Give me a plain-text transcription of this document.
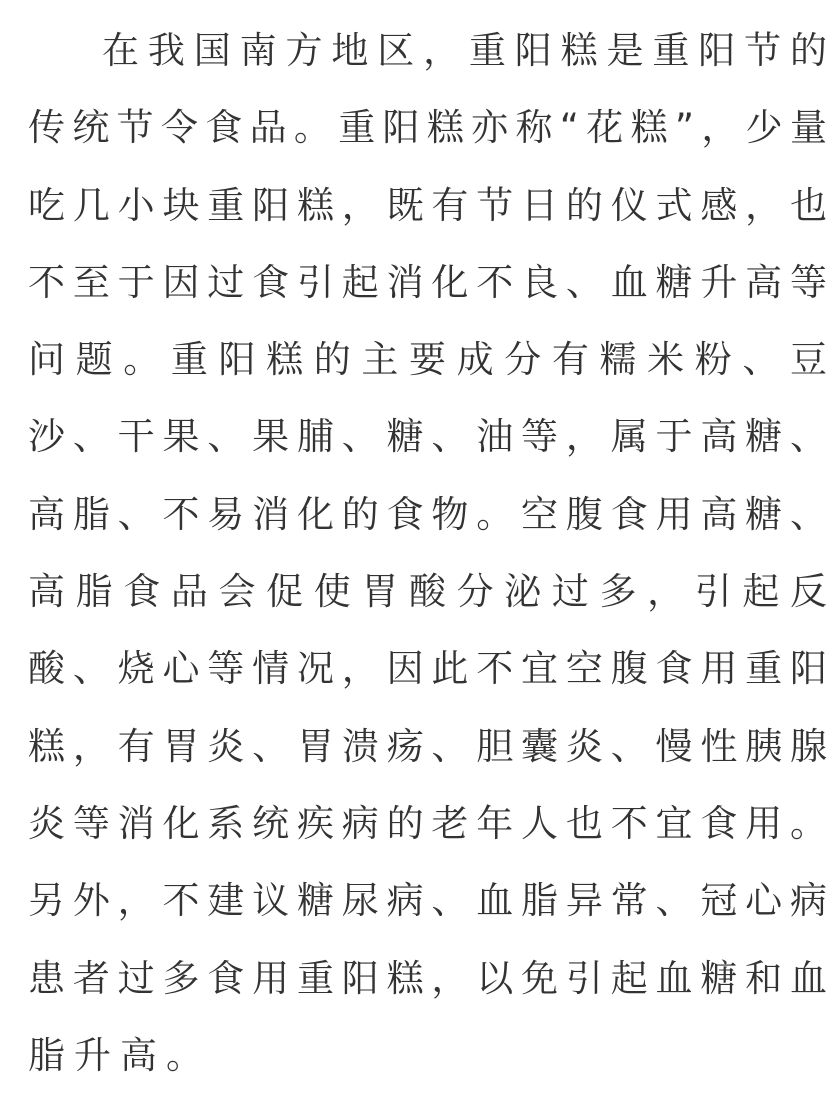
在我国南方地区，重阳糕是重阳节的
传统节令食品。重阳糕亦称“花糕”，少量
吃几小块重阳糕，既有节日的仪式感，也
不至于因过食引起消化不良、血糖升高等
问题。重阳糕的主要成分有糯米粉、豆
沙、干果、果脯、糖、油等，属于高糖、
高脂、不易消化的食物。空腹食用高糖、
高脂食品会促使胃酸分泌过多，引起反
酸、烧心等情况，因此不宜空腹食用重阳
糕，有胃炎、胃溃疡、胆囊炎、慢性胰腺
炎等消化系统疾病的老年人也不宜食用。
另外，不建议糖尿病、血脂异常、冠心病
患者过多食用重阳糕，以免引起血糖和血
脂升高。
